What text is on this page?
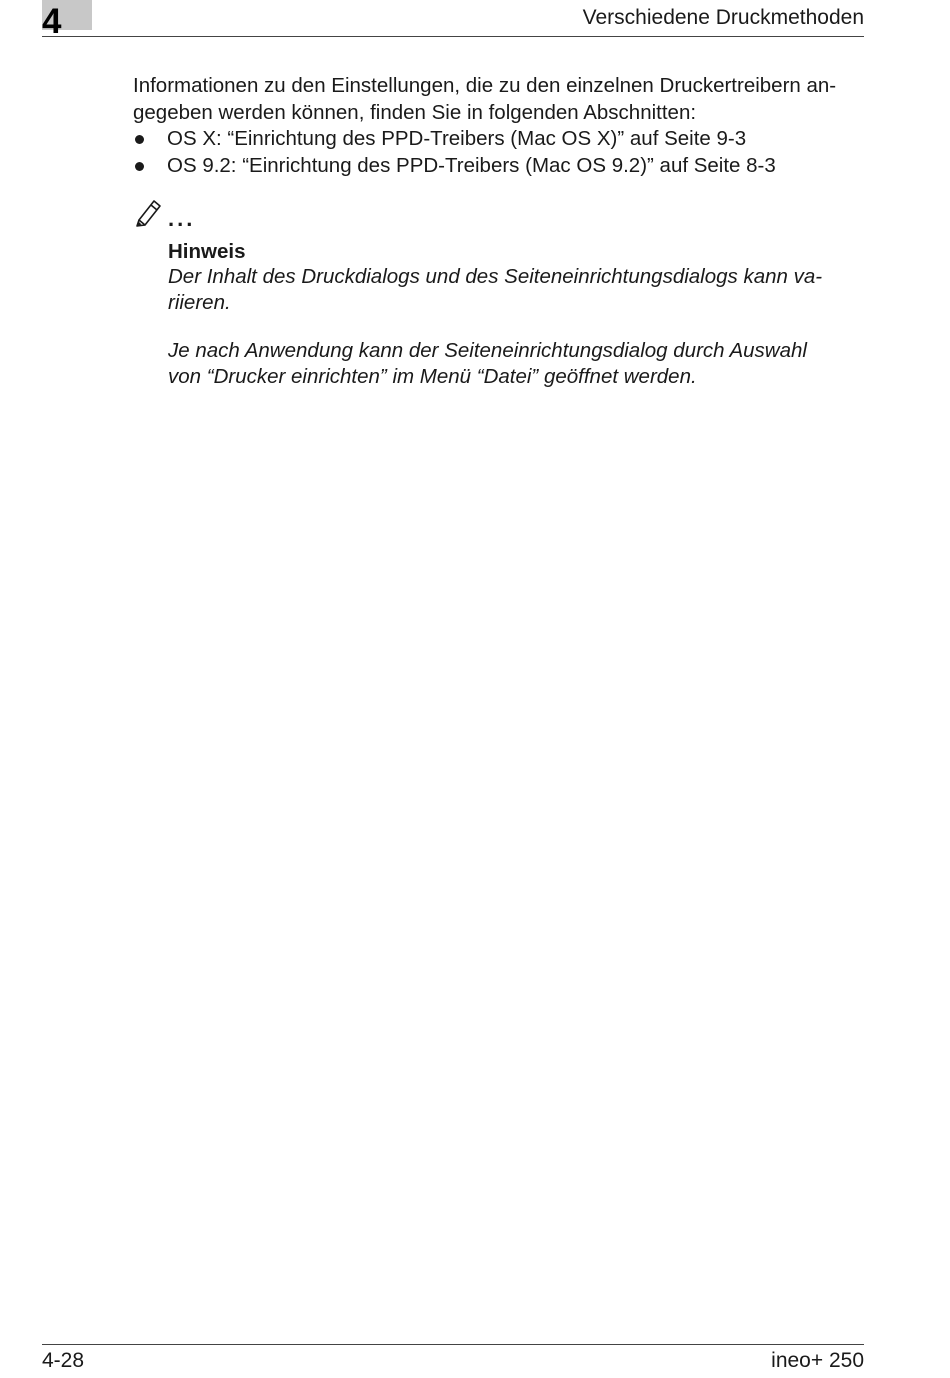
4	Verschiedene Druckmethoden

Informationen zu den Einstellungen, die zu den einzelnen Druckertreibern an-
gegeben werden können, finden Sie in folgenden Abschnitten:

OS X: “Einrichtung des PPD-Treibers (Mac OS X)” auf Seite 9-3
OS 9.2: “Einrichtung des PPD-Treibers (Mac OS 9.2)” auf Seite 8-3
...
Hinweis

Der Inhalt des Druckdialogs und des Seiteneinrichtungsdialogs kann va-
riieren.

Je nach Anwendung kann der Seiteneinrichtungsdialog durch Auswahl
von “Drucker einrichten” im Menü “Datei” geöffnet werden.

4-28	ineo+ 250
